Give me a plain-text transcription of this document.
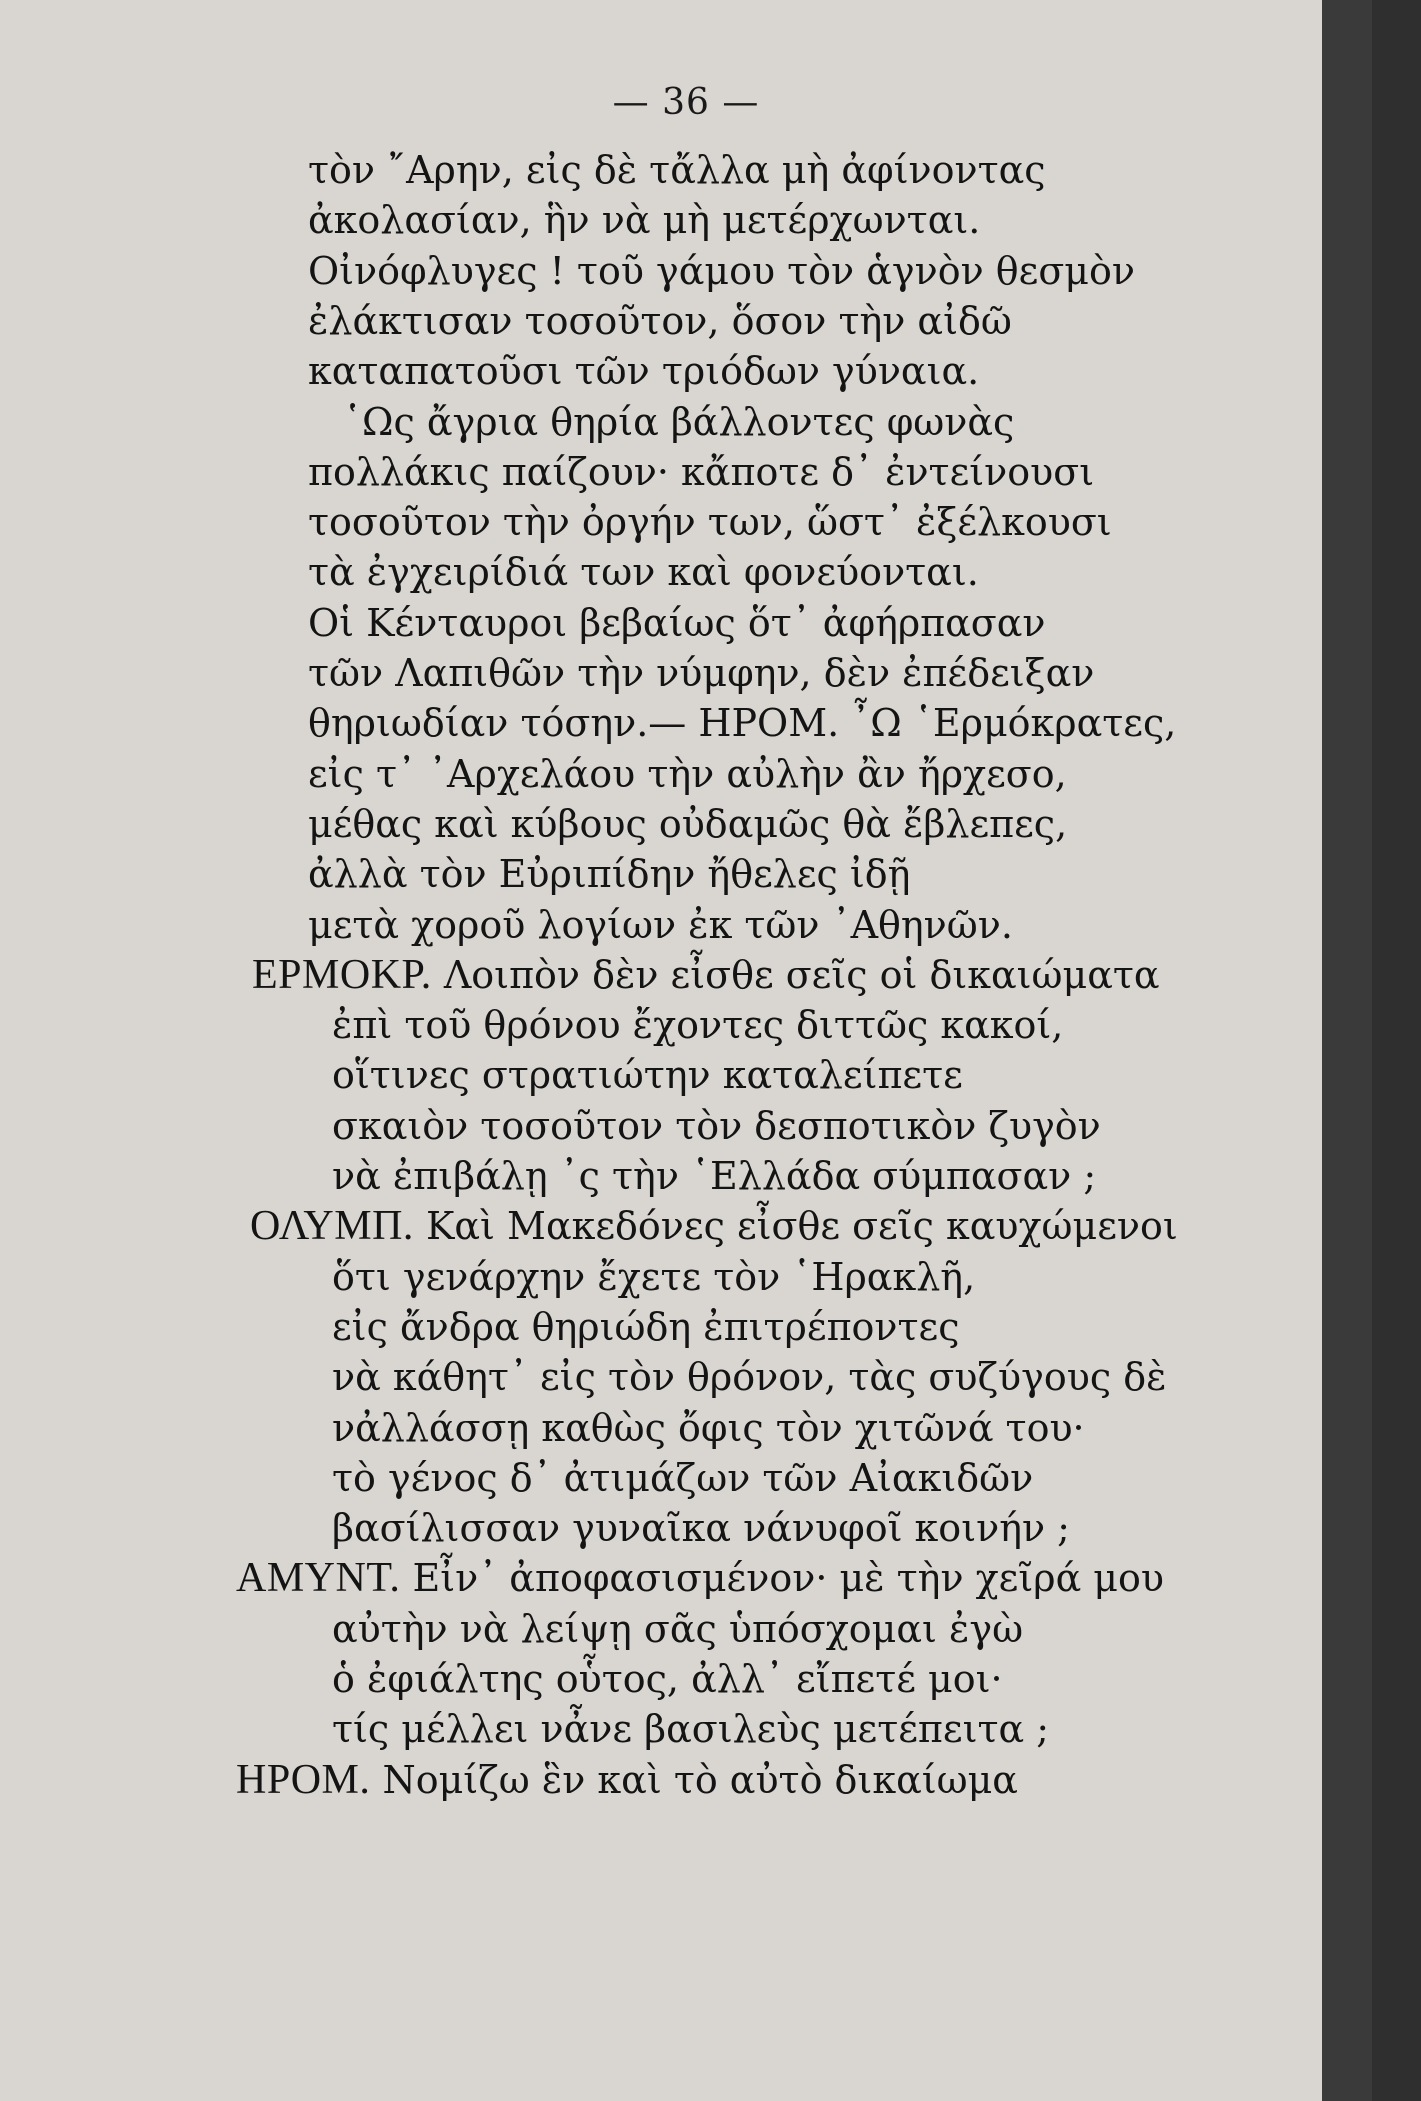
— 36 —
τὸν ῎Αρην, εἰς δὲ τἄλλα μὴ ἀφίνοντας
ἀκολασίαν, ἣν νὰ μὴ μετέρχωνται.
Οἰνόφλυγες ! τοῦ γάμου τὸν ἁγνὸν θεσμὸν
ἐλάκτισαν τοσοῦτον, ὅσον τὴν αἰδῶ
καταπατοῦσι τῶν τριόδων γύναια.
῾Ως ἄγρια θηρία βάλλοντες φωνὰς
πολλάκις παίζουν· κἄποτε δ᾽ ἐντείνουσι
τοσοῦτον τὴν ὀργήν των, ὥστ᾽ ἐξέλκουσι
τὰ ἐγχειρίδιά των καὶ φονεύονται.
Οἱ Κένταυροι βεβαίως ὅτ᾽ ἀφήρπασαν
τῶν Λαπιθῶν τὴν νύμφην, δὲν ἐπέδειξαν
θηριωδίαν τόσην.— ΗΡΟΜ. ῏Ω ῾Ερμόκρατες,
εἰς τ᾽ ᾿Αρχελάου τὴν αὐλὴν ἂν ἤρχεσο,
μέθας καὶ κύβους οὐδαμῶς θὰ ἔβλεπες,
ἀλλὰ τὸν Εὐριπίδην ἤθελες ἰδῇ
μετὰ χοροῦ λογίων ἐκ τῶν ᾿Αθηνῶν.
ΕΡΜΟΚΡ. Λοιπὸν δὲν εἶσθε σεῖς οἱ δικαιώματα
ἐπὶ τοῦ θρόνου ἔχοντες διττῶς κακοί,
οἵτινες στρατιώτην καταλείπετε
σκαιὸν τοσοῦτον τὸν δεσποτικὸν ζυγὸν
νὰ ἐπιβάλῃ ᾽ς τὴν ῾Ελλάδα σύμπασαν ;
ΟΛΥΜΠ. Καὶ Μακεδόνες εἶσθε σεῖς καυχώμενοι
ὅτι γενάρχην ἔχετε τὸν ῾Ηρακλῆ,
εἰς ἄνδρα θηριώδη ἐπιτρέποντες
νὰ κάθητ᾽ εἰς τὸν θρόνον, τὰς συζύγους δὲ
νἀλλάσσῃ καθὼς ὄφις τὸν χιτῶνά του·
τὸ γένος δ᾽ ἀτιμάζων τῶν Αἰακιδῶν
βασίλισσαν γυναῖκα νάνυφοῖ κοινήν ;
ΑΜΥΝΤ. Εἶν᾽ ἀποφασισμένον· μὲ τὴν χεῖρά μου
αὐτὴν νὰ λείψῃ σᾶς ὑπόσχομαι ἐγὼ
ὁ ἐφιάλτης οὗτος, ἀλλ᾽ εἴπετέ μοι·
τίς μέλλει νἆνε βασιλεὺς μετέπειτα ;
ΗΡΟΜ. Νομίζω ἓν καὶ τὸ αὐτὸ δικαίωμα
